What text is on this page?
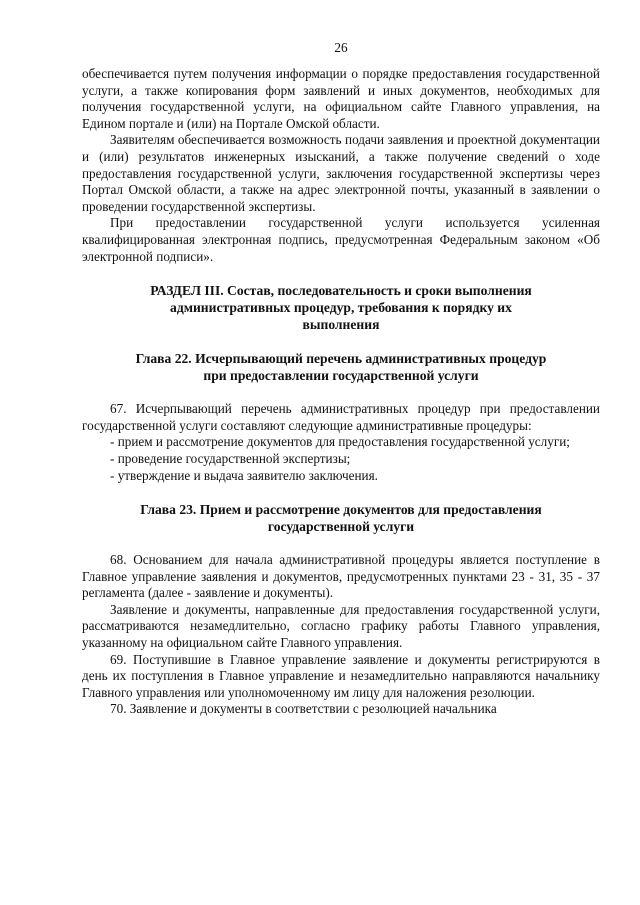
26

обеспечивается путем получения информации о порядке предоставления государственной услуги, а также копирования форм заявлений и иных документов, необходимых для получения государственной услуги, на официальном сайте Главного управления, на Едином портале и (или) на Портале Омской области.

Заявителям обеспечивается возможность подачи заявления и проектной документации и (или) результатов инженерных изысканий, а также получение сведений о ходе предоставления государственной услуги, заключения государственной экспертизы через Портал Омской области, а также на адрес электронной почты, указанный в заявлении о проведении государственной экспертизы.

При предоставлении государственной услуги используется усиленная квалифицированная электронная подпись, предусмотренная Федеральным законом «Об электронной подписи».

РАЗДЕЛ III. Состав, последовательность и сроки выполнения
административных процедур, требования к порядку их
выполнения
Глава 22. Исчерпывающий перечень административных процедур
при предоставлении государственной услуги

67. Исчерпывающий перечень административных процедур при предоставлении государственной услуги составляют следующие административные процедуры:

- прием и рассмотрение документов для предоставления государственной услуги;

- проведение государственной экспертизы;

- утверждение и выдача заявителю заключения.

Глава 23. Прием и рассмотрение документов для предоставления
государственной услуги

68. Основанием для начала административной процедуры является поступление в Главное управление заявления и документов, предусмотренных пунктами 23 - 31, 35 - 37 регламента (далее - заявление и документы).

Заявление и документы, направленные для предоставления государственной услуги, рассматриваются незамедлительно, согласно графику работы Главного управления, указанному на официальном сайте Главного управления.

69. Поступившие в Главное управление заявление и документы регистрируются в день их поступления в Главное управление и незамедлительно направляются начальнику Главного управления или уполномоченному им лицу для наложения резолюции.

70. Заявление и документы в соответствии с резолюцией начальника
